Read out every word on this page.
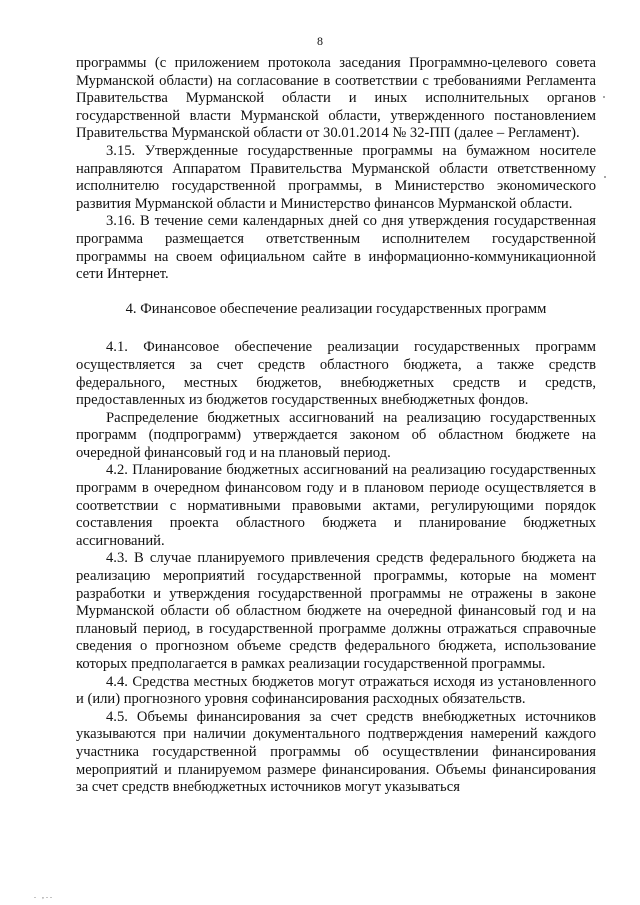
8

программы (с приложением протокола заседания Программно-целевого совета Мурманской области) на согласование в соответствии с требованиями Регламента Правительства Мурманской области и иных исполнительных органов государственной власти Мурманской области, утвержденного постановлением Правительства Мурманской области от 30.01.2014 № 32-ПП (далее – Регламент).

3.15. Утвержденные государственные программы на бумажном носителе направляются Аппаратом Правительства Мурманской области ответственному исполнителю государственной программы, в Министерство экономического развития Мурманской области и Министерство финансов Мурманской области.

3.16. В течение семи календарных дней со дня утверждения государственная программа размещается ответственным исполнителем государственной программы на своем официальном сайте в информационно-коммуникационной сети Интернет.

4. Финансовое обеспечение реализации государственных программ

4.1. Финансовое обеспечение реализации государственных программ осуществляется за счет средств областного бюджета, а также средств федерального, местных бюджетов, внебюджетных средств и средств, предоставленных из бюджетов государственных внебюджетных фондов.

Распределение бюджетных ассигнований на реализацию государственных программ (подпрограмм) утверждается законом об областном бюджете на очередной финансовый год и на плановый период.

4.2. Планирование бюджетных ассигнований на реализацию государственных программ в очередном финансовом году и в плановом периоде осуществляется в соответствии с нормативными правовыми актами, регулирующими порядок составления проекта областного бюджета и планирование бюджетных ассигнований.

4.3. В случае планируемого привлечения средств федерального бюджета на реализацию мероприятий государственной программы, которые на момент разработки и утверждения государственной программы не отражены в законе Мурманской области об областном бюджете на очередной финансовый год и на плановый период, в государственной программе должны отражаться справочные сведения о прогнозном объеме средств федерального бюджета, использование которых предполагается в рамках реализации государственной программы.

4.4. Средства местных бюджетов могут отражаться исходя из установленного и (или) прогнозного уровня софинансирования расходных обязательств.

4.5. Объемы финансирования за счет средств внебюджетных источников указываются при наличии документального подтверждения намерений каждого участника государственной программы об осуществлении финансирования мероприятий и планируемом размере финансирования. Объемы финансирования за счет средств внебюджетных источников могут указываться

. ,..
